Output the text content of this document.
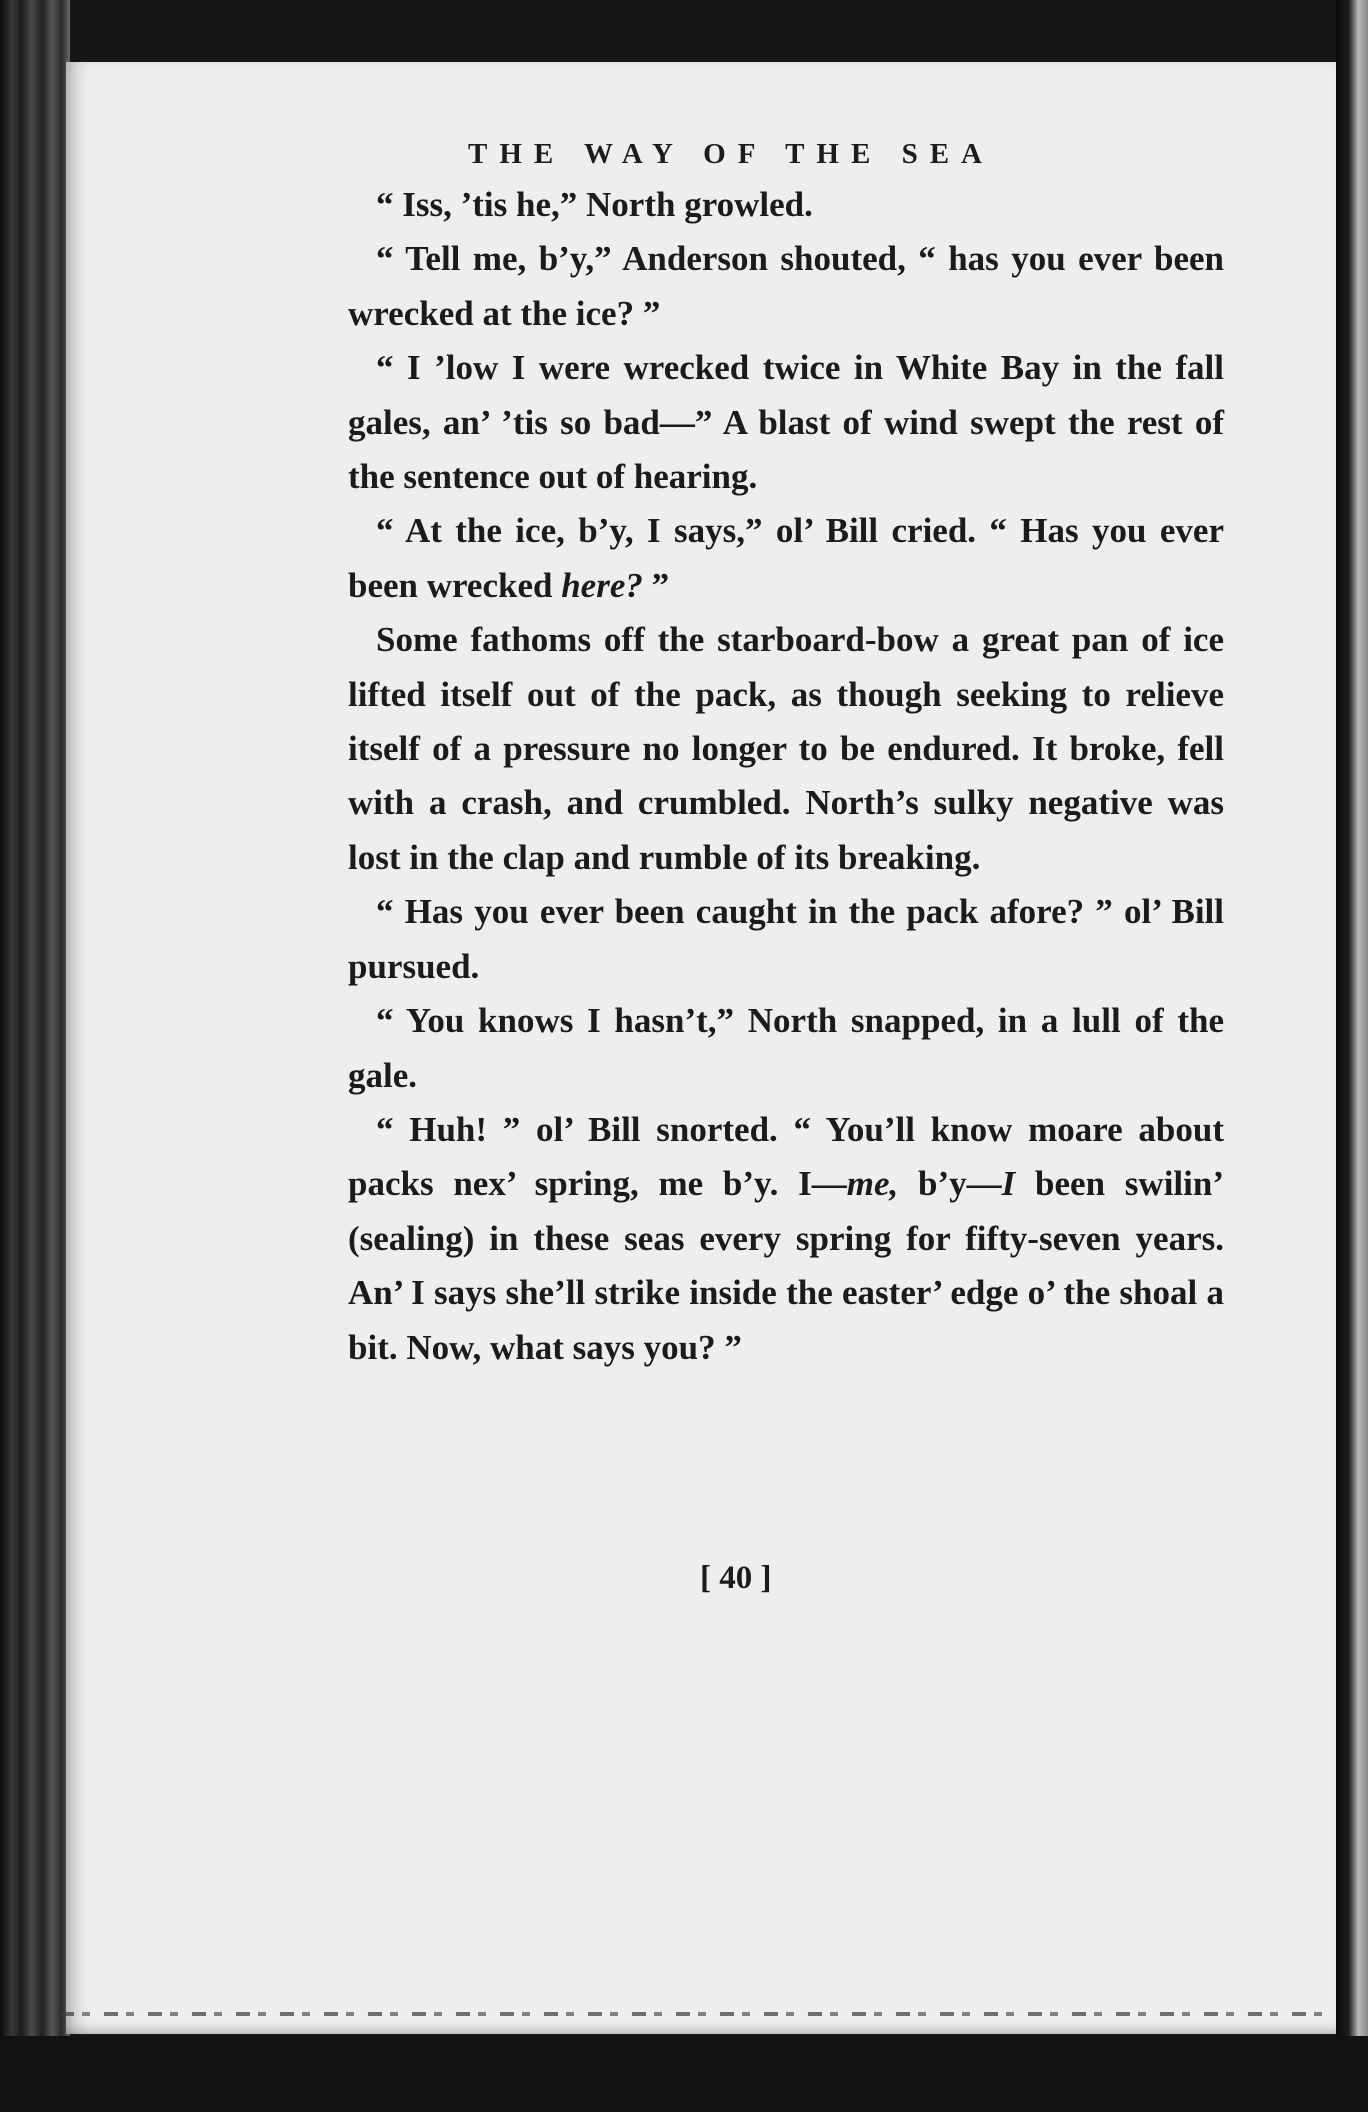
THE WAY OF THE SEA

“ Iss, ’tis he,” North growled.

“ Tell me, b’y,” Anderson shouted, “ has you ever been wrecked at the ice? ”

“ I ’low I were wrecked twice in White Bay in the fall gales, an’ ’tis so bad—” A blast of wind swept the rest of the sentence out of hearing.

“ At the ice, b’y, I says,” ol’ Bill cried. “ Has you ever been wrecked here? ”

Some fathoms off the starboard-bow a great pan of ice lifted itself out of the pack, as though seeking to relieve itself of a pressure no longer to be endured. It broke, fell with a crash, and crumbled. North’s sulky negative was lost in the clap and rumble of its breaking.

“ Has you ever been caught in the pack afore? ” ol’ Bill pursued.

“ You knows I hasn’t,” North snapped, in a lull of the gale.

“ Huh! ” ol’ Bill snorted. “ You’ll know moare about packs nex’ spring, me b’y. I—me, b’y—I been swilin’ (sealing) in these seas every spring for fifty-seven years. An’ I says she’ll strike inside the easter’ edge o’ the shoal a bit. Now, what says you? ”

[ 40 ]
